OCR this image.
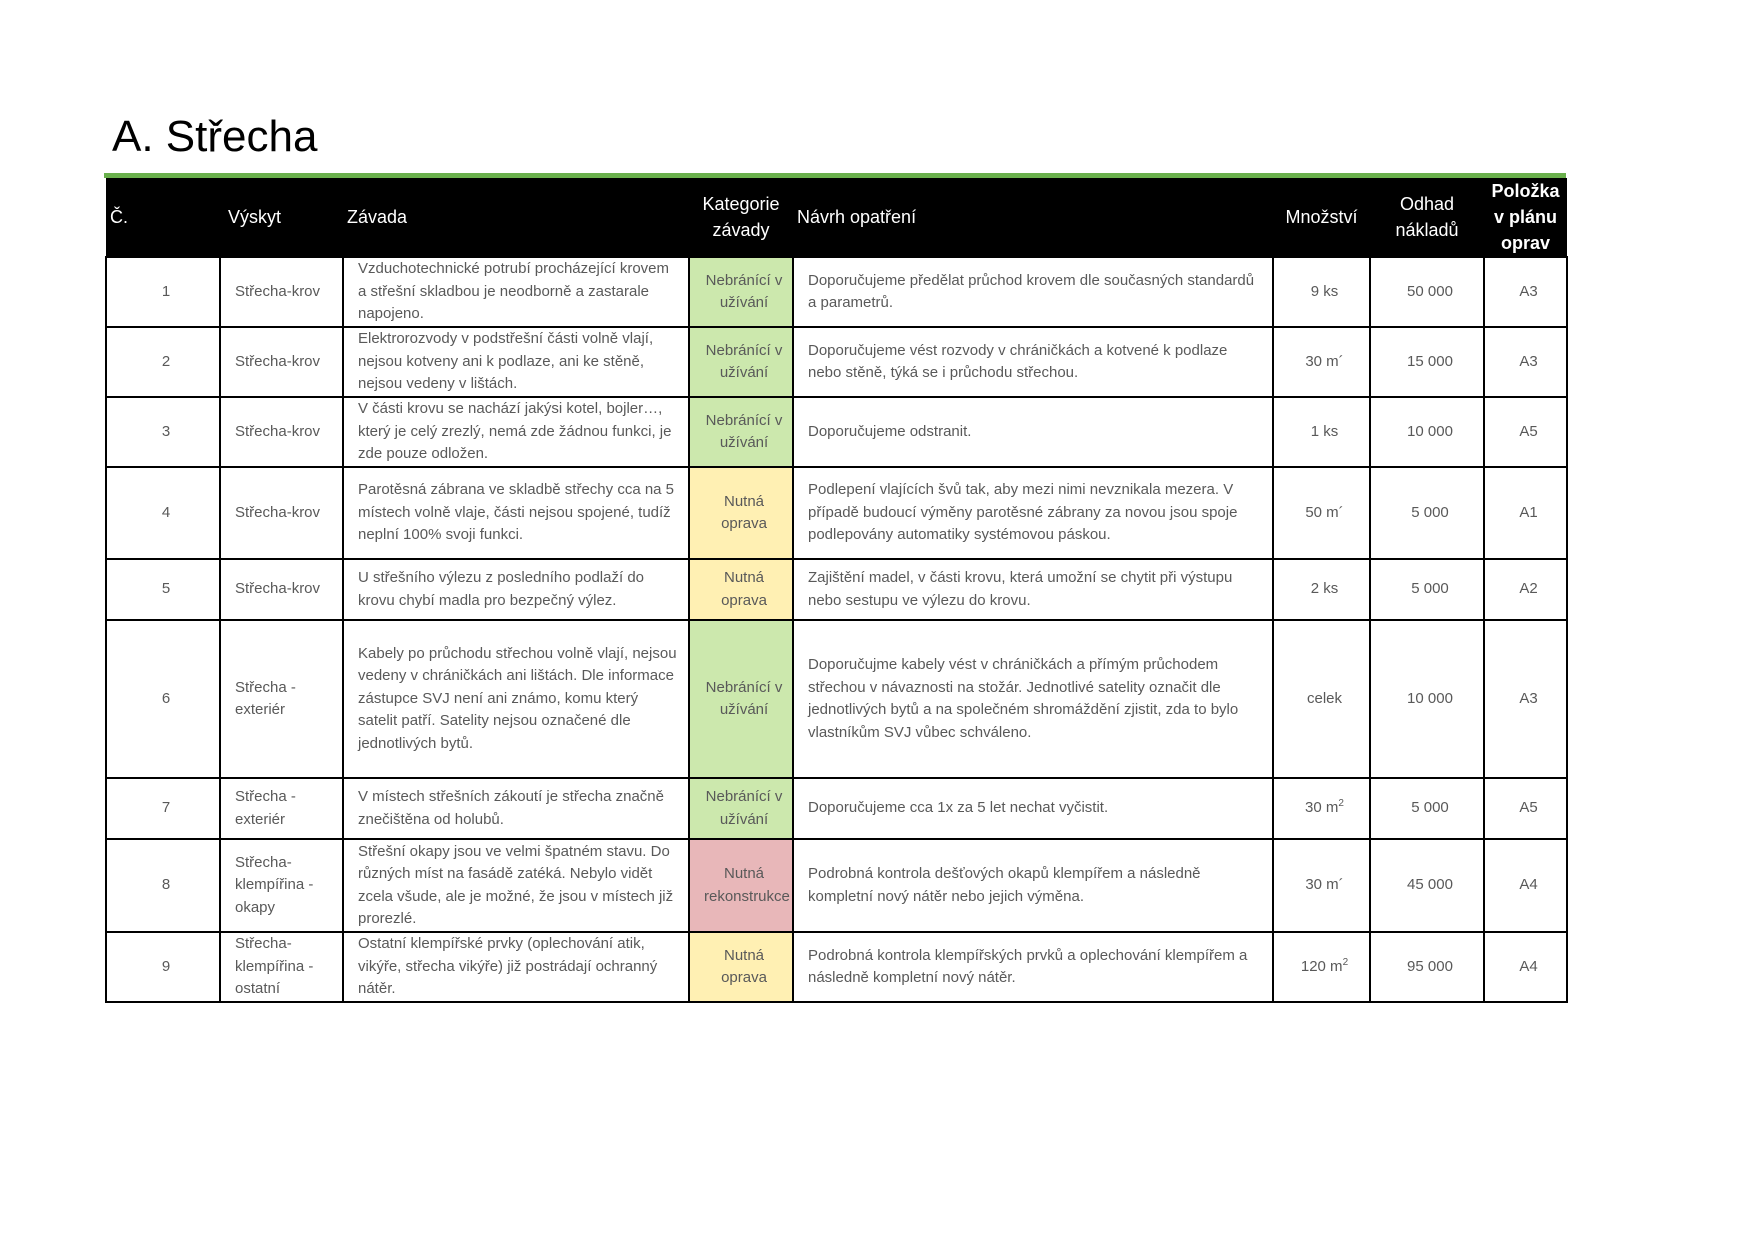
A. Střecha
Č.	Výskyt	Závada	Kategorie závady	Návrh opatření	Množství	Odhad nákladů	Položka v plánu oprav
1	Střecha-krov	Vzduchotechnické potrubí procházející krovem a střešní skladbou je neodborně a zastarale napojeno.	Nebránící v užívání	Doporučujeme předělat průchod krovem dle současných standardů a parametrů.	9 ks	50 000	A3
2	Střecha-krov	Elektrorozvody v podstřešní části volně vlají, nejsou kotveny ani k podlaze, ani ke stěně, nejsou vedeny v lištách.	Nebránící v užívání	Doporučujeme vést rozvody v chráničkách a kotvené k podlaze nebo stěně, týká se i průchodu střechou.	30 m´	15 000	A3
3	Střecha-krov	V části krovu se nachází jakýsi kotel, bojler…, který je celý zrezlý, nemá zde žádnou funkci, je zde pouze odložen.	Nebránící v užívání	Doporučujeme odstranit.	1 ks	10 000	A5
4	Střecha-krov	Parotěsná zábrana ve skladbě střechy cca na 5 místech volně vlaje, části nejsou spojené, tudíž neplní 100% svoji funkci.	Nutná oprava	Podlepení vlajících švů tak, aby mezi nimi nevznikala mezera. V případě budoucí výměny parotěsné zábrany za novou jsou spoje podlepovány automatiky systémovou páskou.	50 m´	5 000	A1
5	Střecha-krov	U střešního výlezu z posledního podlaží do krovu chybí madla pro bezpečný výlez.	Nutná oprava	Zajištění madel, v části krovu, která umožní se chytit při výstupu nebo sestupu ve výlezu do krovu.	2 ks	5 000	A2
6	Střecha - exteriér	Kabely po průchodu střechou volně vlají, nejsou vedeny v chráničkách ani lištách. Dle informace zástupce SVJ není ani známo, komu který satelit patří. Satelity nejsou označené dle jednotlivých bytů.	Nebránící v užívání	Doporučujme kabely vést v chráničkách a přímým průchodem střechou v návaznosti na stožár. Jednotlivé satelity označit dle jednotlivých bytů a na společném shromáždění zjistit, zda to bylo vlastníkům SVJ vůbec schváleno.	celek	10 000	A3
7	Střecha - exteriér	V místech střešních zákoutí je střecha značně znečištěna od holubů.	Nebránící v užívání	Doporučujeme cca 1x za 5 let nechat vyčistit.	30 $m^2$	5 000	A5
8	Střecha-klempířina - okapy	Střešní okapy jsou ve velmi špatném stavu. Do různých míst na fasádě zatéká. Nebylo vidět zcela všude, ale je možné, že jsou v místech již prorezlé.	Nutná rekonstrukce	Podrobná kontrola dešťových okapů klempířem a následně kompletní nový nátěr nebo jejich výměna.	30 m´	45 000	A4
9	Střecha-klempířina - ostatní	Ostatní klempířské prvky (oplechování atik, vikýře, střecha vikýře) již postrádají ochranný nátěr.	Nutná oprava	Podrobná kontrola klempířských prvků a oplechování klempířem a následně kompletní nový nátěr.	120 $m^2$	95 000	A4
